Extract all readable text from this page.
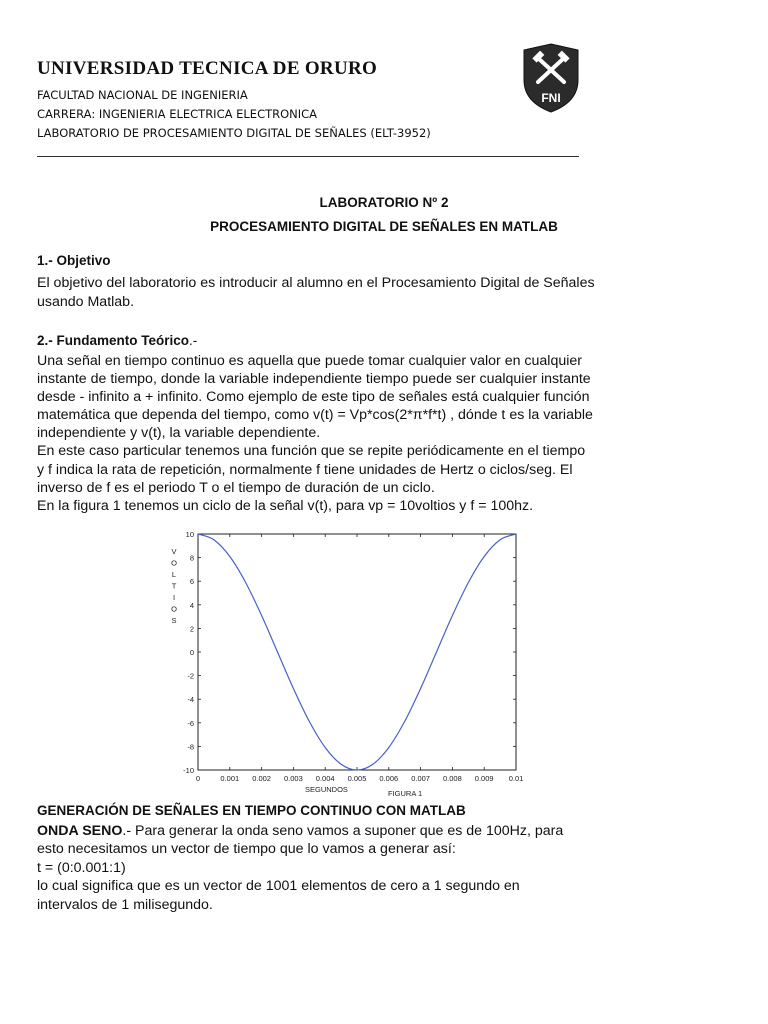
UNIVERSIDAD TECNICA DE ORURO
FACULTAD NACIONAL DE INGENIERIA
CARRERA: INGENIERIA ELECTRICA ELECTRONICA
LABORATORIO DE PROCESAMIENTO DIGITAL DE SEÑALES (ELT-3952)
FNI
LABORATORIO Nº 2
PROCESAMIENTO DIGITAL DE SEÑALES EN MATLAB
1.- Objetivo
El objetivo del laboratorio es introducir al alumno en el Procesamiento Digital de Señales
usando Matlab.
2.- Fundamento Teórico.-
Una señal en tiempo continuo es aquella que puede tomar cualquier valor en cualquier
instante de tiempo, donde la variable independiente tiempo puede ser cualquier instante
desde - infinito a + infinito. Como ejemplo de este tipo de señales está cualquier función
matemática que dependa del tiempo, como v(t) = Vp*cos(2*π*f*t) , dónde t es la variable
independiente y v(t), la variable dependiente.
En este caso particular tenemos una función que se repite periódicamente en el tiempo
y f indica la rata de repetición, normalmente f tiene unidades de Hertz o ciclos/seg. El
inverso de f es el periodo T o el tiempo de duración de un ciclo.
En la figura 1 tenemos un ciclo de la señal v(t), para vp = 10voltios y f = 100hz.
V
O
L
T
I
O
S
10
8
6
4
2
0
-2
-4
-6
-8
-10
0	0.001 0.002 0.003 0.004 0.005 0.006 0.007 0.008 0.009 0.01
SEGUNDOS	FIGURA 1
GENERACIÓN DE SEÑALES EN TIEMPO CONTINUO CON MATLAB
ONDA SENO.- Para generar la onda seno vamos a suponer que es de 100Hz, para
esto necesitamos un vector de tiempo que lo vamos a generar así:
t = (0:0.001:1)
lo cual significa que es un vector de 1001 elementos de cero a 1 segundo en
intervalos de 1 milisegundo.
